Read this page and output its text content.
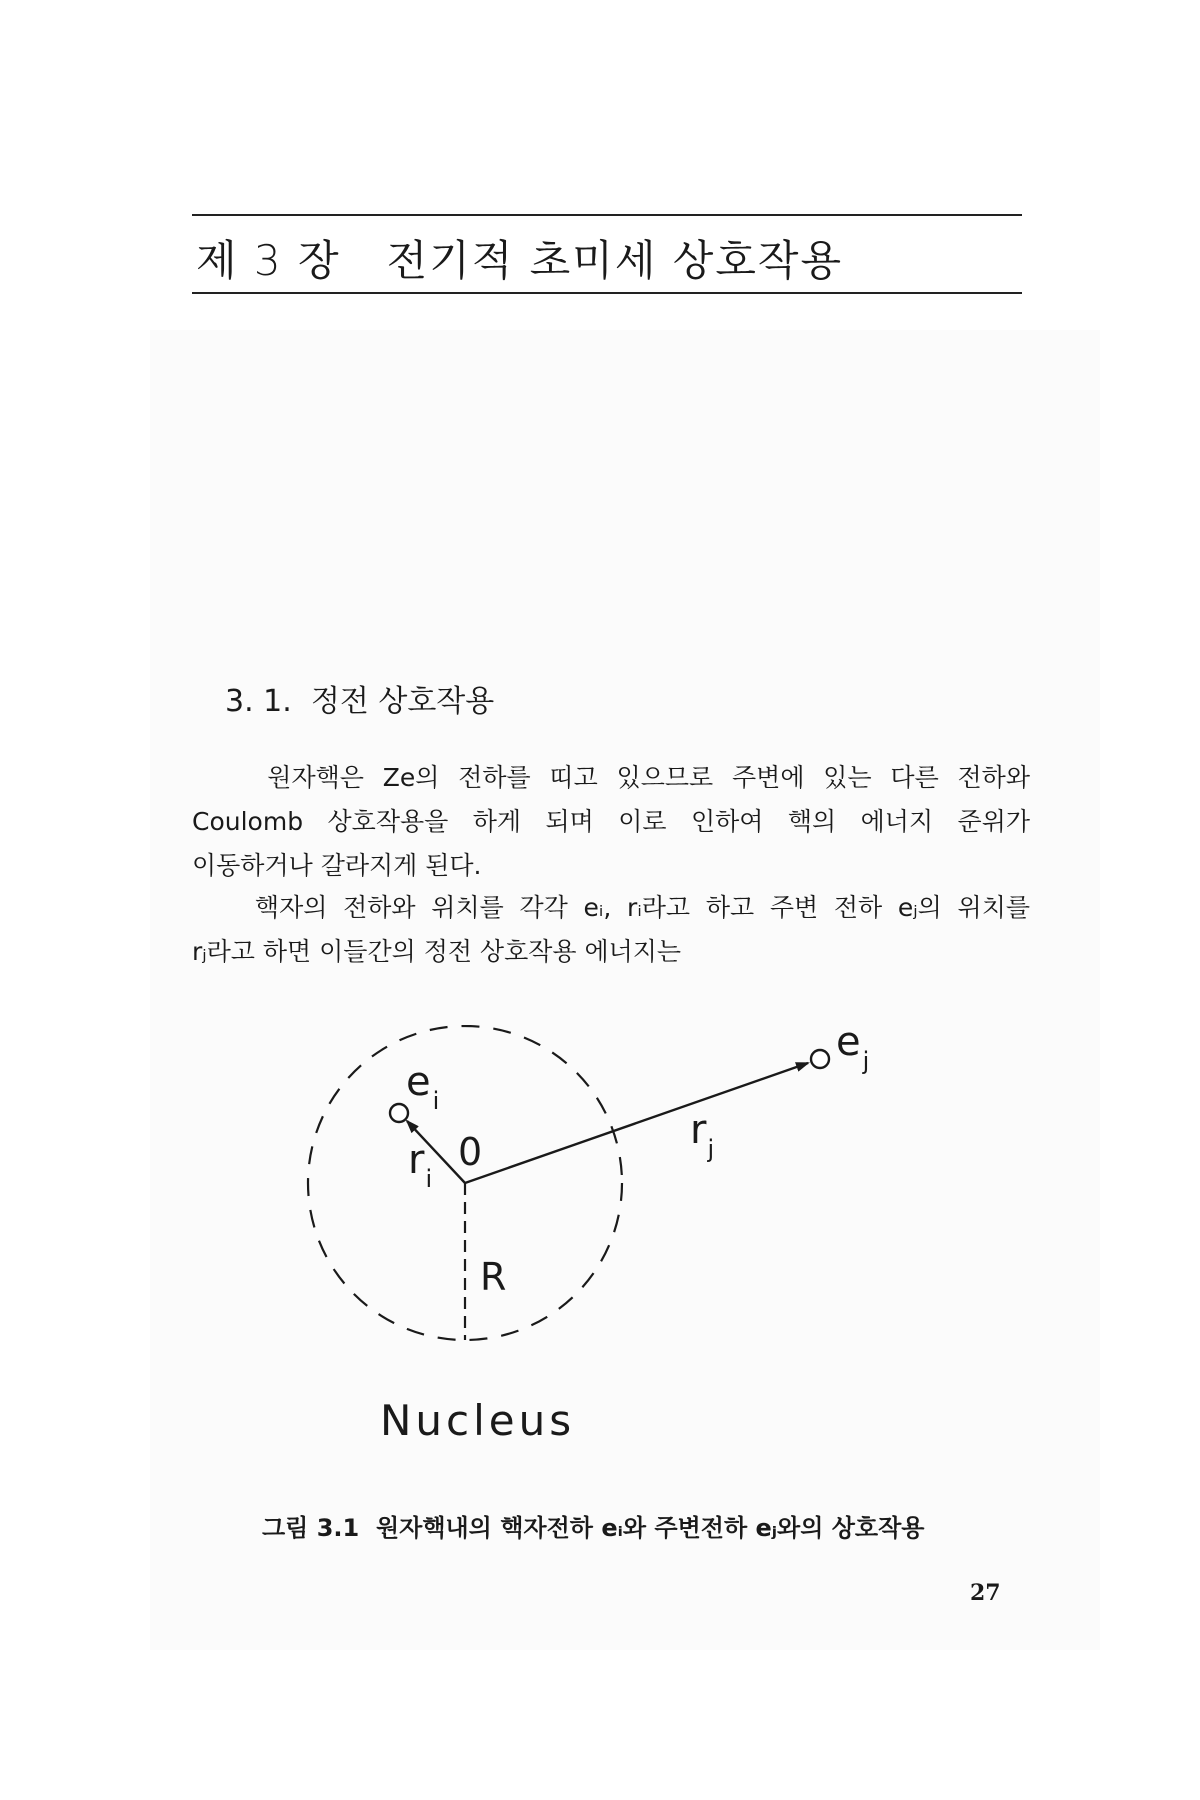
제 3 장   전기적 초미세 상호작용
3. 1.  정전 상호작용
원자핵은 Ze의 전하를 띠고 있으므로 주변에 있는 다른 전하와
Coulomb 상호작용을 하게 되며 이로 인하여 핵의 에너지 준위가
이동하거나 갈라지게 된다.
핵자의 전하와 위치를 각각 eᵢ, rᵢ라고 하고 주변 전하 eⱼ의 위치를
rⱼ라고 하면 이들간의 정전 상호작용 에너지는
$e_i$
$e_j$
$r_i$
$r_j$
0
R
Nucleus
그림 3.1  원자핵내의 핵자전하 eᵢ와 주변전하 eⱼ와의 상호작용
27
